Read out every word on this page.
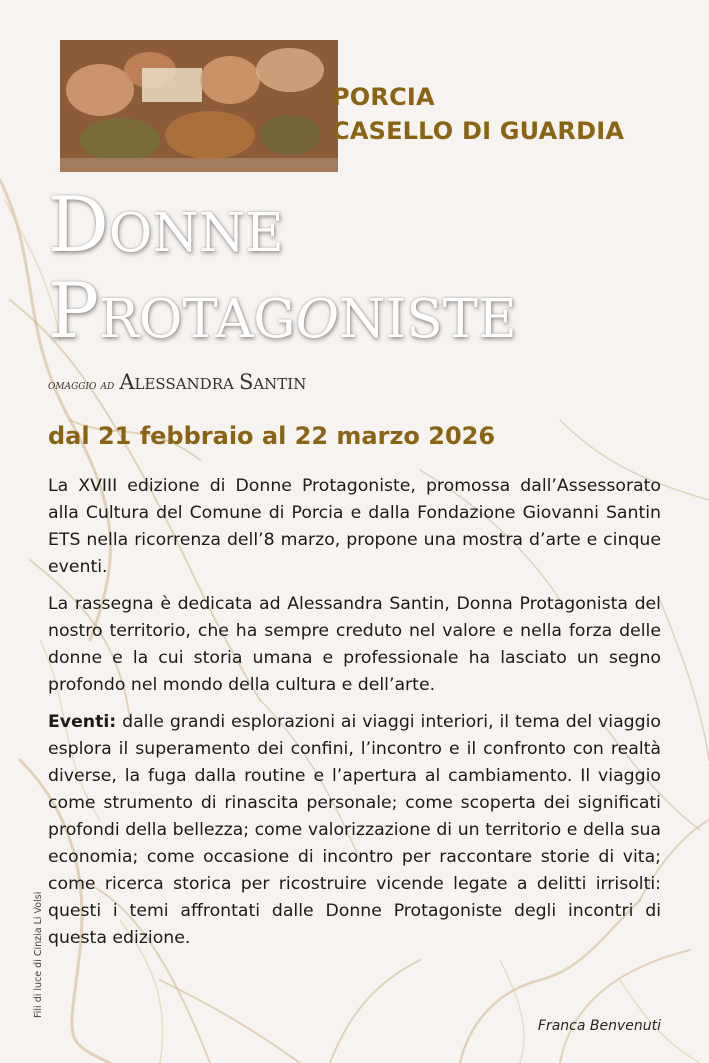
PORCIA
CASELLO DI GUARDIA
Donne
Protagoniste
omaggio ad Alessandra Santin
dal 21 febbraio al 22 marzo 2026

La XVIII edizione di Donne Protagoniste, promossa dall’Assessorato alla Cultura del Comune di Porcia e dalla Fondazione Giovanni Santin ETS nella ricorrenza dell’8 marzo, propone una mostra d’arte e cinque eventi.

La rassegna è dedicata ad Alessandra Santin, Donna Protagonista del nostro territorio, che ha sempre creduto nel valore e nella forza delle donne e la cui storia umana e professionale ha lasciato un segno profondo nel mondo della cultura e dell’arte.

Eventi: dalle grandi esplorazioni ai viaggi interiori, il tema del viaggio esplora il superamento dei confini, l’incontro e il confronto con realtà diverse, la fuga dalla routine e l’apertura al cambiamento. Il viaggio come strumento di rinascita personale; come scoperta dei significati profondi della bellezza; come valorizzazione di un territorio e della sua economia; come occasione di incontro per raccontare storie di vita; come ricerca storica per ricostruire vicende legate a delitti irrisolti: questi i temi affrontati dalle Donne Protagoniste degli incontri di questa edizione.

Franca Benvenuti
Fili di luce di Cinzia Li Volsi
